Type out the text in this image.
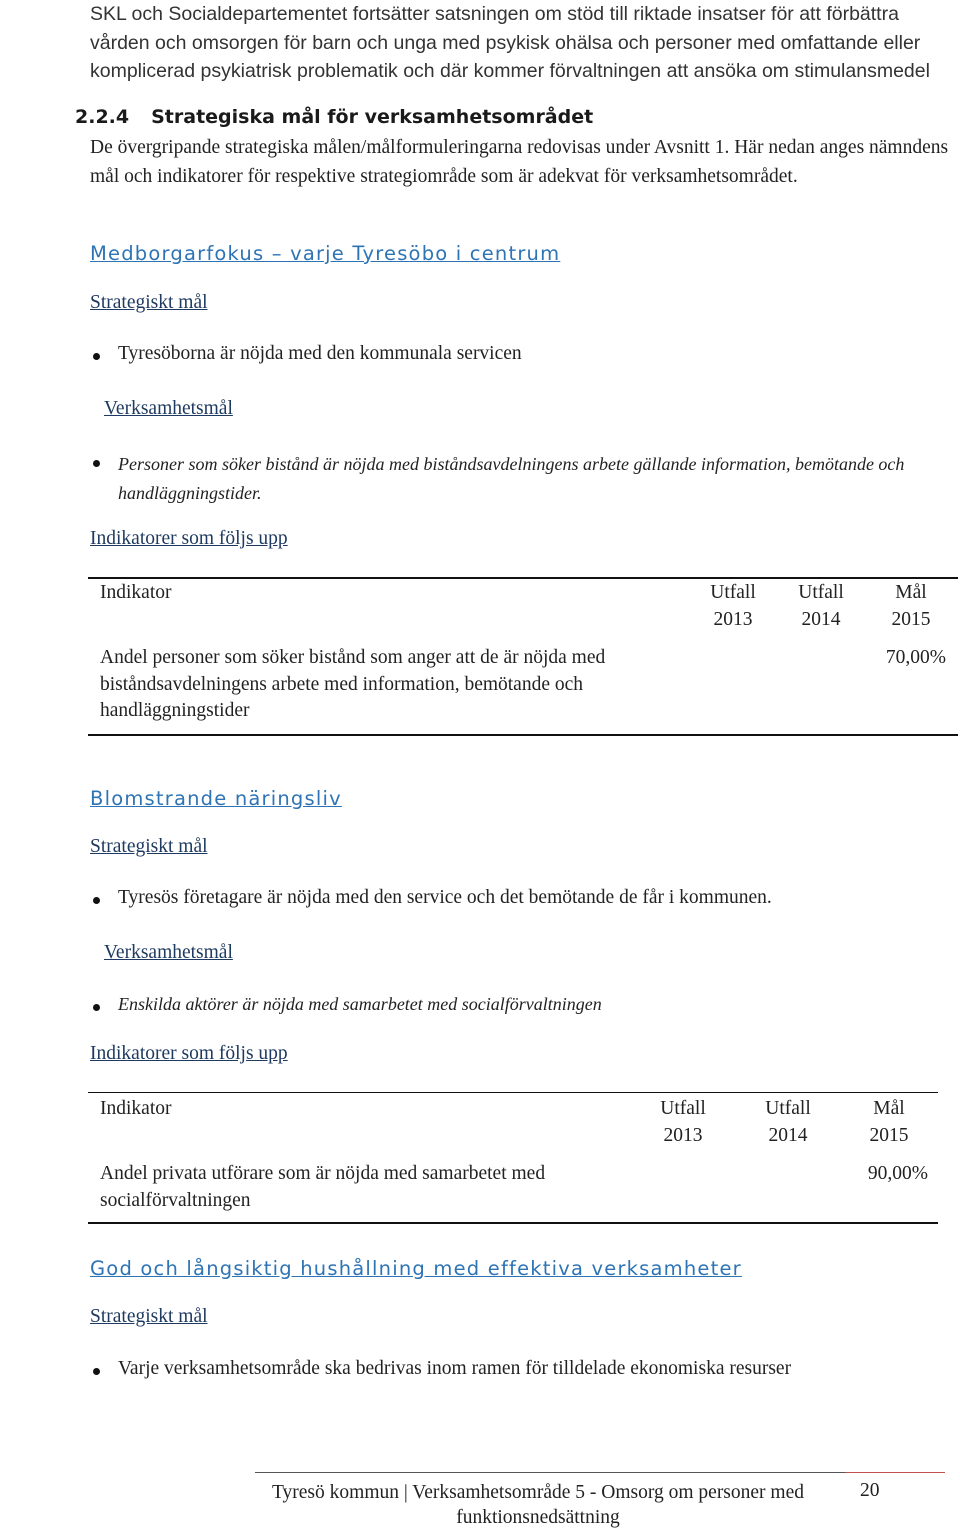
SKL och Socialdepartementet fortsätter satsningen om stöd till riktade insatser för att förbättra vården och omsorgen för barn och unga med psykisk ohälsa och personer med omfattande eller komplicerad psykiatrisk problematik och där kommer förvaltningen att ansöka om stimulansmedel

2.2.4 Strategiska mål för verksamhetsområdet

De övergripande strategiska målen/målformuleringarna redovisas under Avsnitt 1. Här nedan anges nämndens mål och indikatorer för respektive strategiområde som är adekvat för verksamhetsområdet.

Medborgarfokus – varje Tyresöbo i centrum
Strategiskt mål
Tyresöborna är nöjda med den kommunala servicen
Verksamhetsmål
Personer som söker bistånd är nöjda med biståndsavdelningens arbete gällande information, bemötande och handläggningstider.
Indikatorer som följs upp
Indikator	Utfall 2013
Utfall 2014
Mål 2015
Andel personer som söker bistånd som anger att de är nöjda med biståndsavdelningens arbete med information, bemötande och handläggningstider
70,00%
Blomstrande näringsliv
Strategiskt mål
Tyresös företagare är nöjda med den service och det bemötande de får i kommunen.
Verksamhetsmål
Enskilda aktörer är nöjda med samarbetet med socialförvaltningen
Indikatorer som följs upp
Indikator	Utfall 2013
Utfall 2014
Mål 2015
Andel privata utförare som är nöjda med samarbetet med socialförvaltningen
90,00%
God och långsiktig hushållning med effektiva verksamheter
Strategiskt mål
Varje verksamhetsområde ska bedrivas inom ramen för tilldelade ekonomiska resurser
Tyresö kommun | Verksamhetsområde 5 - Omsorg om personer med funktionsnedsättning
20
